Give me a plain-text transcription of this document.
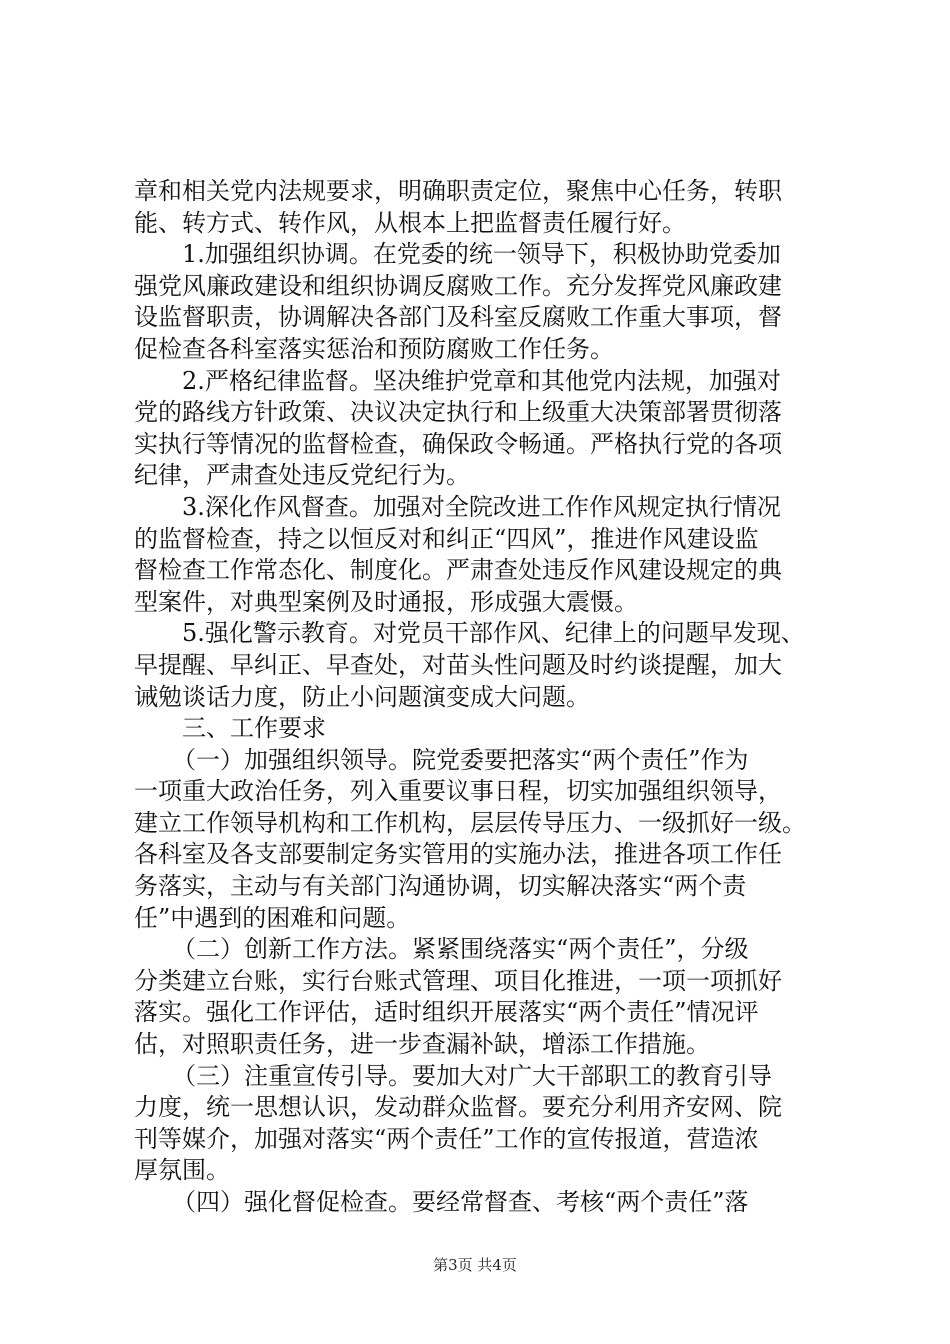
章和相关党内法规要求，明确职责定位，聚焦中心任务，转职
能、转方式、转作风，从根本上把监督责任履行好。
1.加强组织协调。在党委的统一领导下，积极协助党委加
强党风廉政建设和组织协调反腐败工作。充分发挥党风廉政建
设监督职责，协调解决各部门及科室反腐败工作重大事项，督
促检查各科室落实惩治和预防腐败工作任务。
2.严格纪律监督。坚决维护党章和其他党内法规，加强对
党的路线方针政策、决议决定执行和上级重大决策部署贯彻落
实执行等情况的监督检查，确保政令畅通。严格执行党的各项
纪律，严肃查处违反党纪行为。
3.深化作风督查。加强对全院改进工作作风规定执行情况
的监督检查，持之以恒反对和纠正“四风”，推进作风建设监
督检查工作常态化、制度化。严肃查处违反作风建设规定的典
型案件，对典型案例及时通报，形成强大震慑。
5.强化警示教育。对党员干部作风、纪律上的问题早发现、
早提醒、早纠正、早查处，对苗头性问题及时约谈提醒，加大
诫勉谈话力度，防止小问题演变成大问题。
三、工作要求
（一）加强组织领导。院党委要把落实“两个责任”作为
一项重大政治任务，列入重要议事日程，切实加强组织领导，
建立工作领导机构和工作机构，层层传导压力、一级抓好一级。
各科室及各支部要制定务实管用的实施办法，推进各项工作任
务落实，主动与有关部门沟通协调，切实解决落实“两个责
任”中遇到的困难和问题。
（二）创新工作方法。紧紧围绕落实“两个责任”，分级
分类建立台账，实行台账式管理、项目化推进，一项一项抓好
落实。强化工作评估，适时组织开展落实“两个责任”情况评
估，对照职责任务，进一步查漏补缺，增添工作措施。
（三）注重宣传引导。要加大对广大干部职工的教育引导
力度，统一思想认识，发动群众监督。要充分利用齐安网、院
刊等媒介，加强对落实“两个责任”工作的宣传报道，营造浓
厚氛围。
（四）强化督促检查。要经常督查、考核“两个责任”落
第3页 共4页
